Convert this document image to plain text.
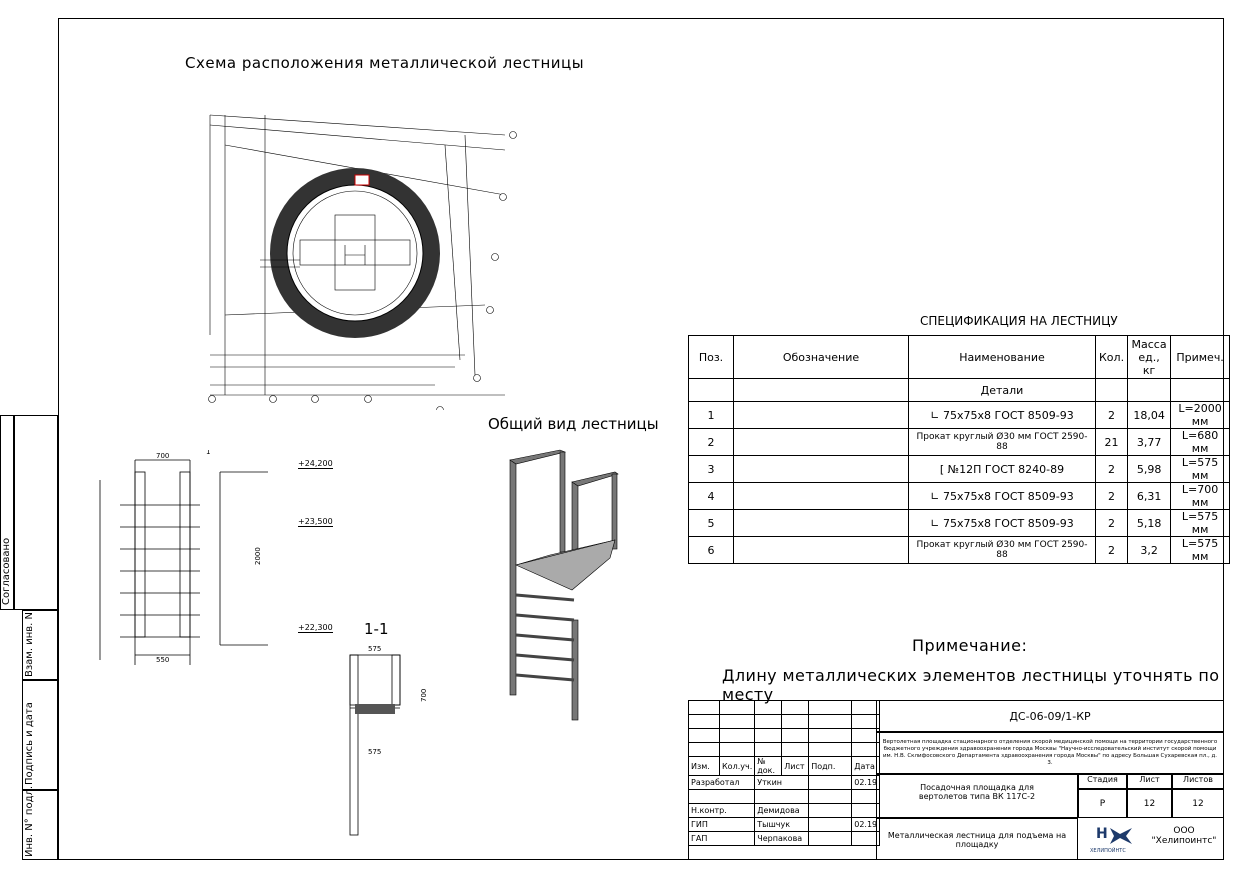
Схема расположения металлической лестницы
Общий вид лестницы
1-1
Примечание:
Длину металлических элементов лестницы уточнять по месту
СПЕЦИФИКАЦИЯ НА ЛЕСТНИЦУ
700
550
2000
1
+24,200
+23,500
+22,300
575
575
700
Поз.	Обозначение	Наименование	Кол.	Масса ед., кг	Примеч.
		Детали			
1		∟ 75x75x8 ГОСТ 8509-93	2	18,04	L=2000 мм
2		Прокат круглый Ø30 мм ГОСТ 2590-88	21	3,77	L=680 мм
3		[ №12П ГОСТ 8240-89	2	5,98	L=575 мм
4		∟ 75x75x8 ГОСТ 8509-93	2	6,31	L=700 мм
5		∟ 75x75x8 ГОСТ 8509-93	2	5,18	L=575 мм
6		Прокат круглый Ø30 мм ГОСТ 2590-88	2	3,2	L=575 мм
Согласовано
Взам. инв. N
Подпись и дата
Инв. N° подл.

Изм.	Кол.уч.	№ док.	Лист	Подп.	Дата
Разработал		Уткин			02.19

Н.контр.		Демидова			
ГИП		Тышчук			02.19
ГАП		Черпакова			
ДС-06-09/1-КР
Вертолетная площадка стационарного отделения скорой медицинской помощи на территории государственного бюджетного учреждения здравоохранения города Москвы "Научно-исследовательский институт скорой помощи им. Н.В. Склифосовского Департамента здравоохранения города Москвы" по адресу Большая Сухаревская пл., д. 3.
Посадочная площадка для вертолетов типа ВК 117С-2
Металлическая лестница для подъема на площадку
Стадия	Лист	Листов
Р	12	12
Н
ХЕЛИПОЙНТС
ООО "Хелипоинтс"
